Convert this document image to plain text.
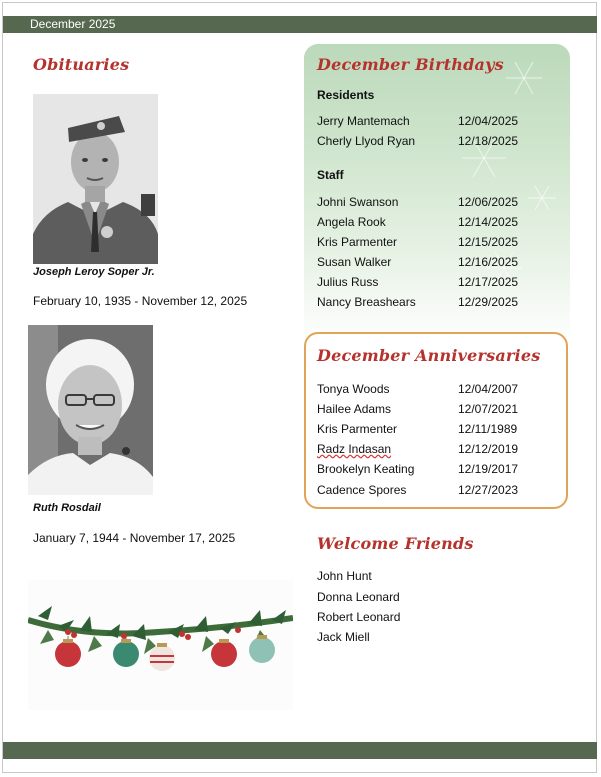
December 2025
Obituaries
Joseph Leroy Soper Jr.
February 10, 1935 - November 12, 2025
Ruth Rosdail
January 7, 1944 - November 17, 2025
December Birthdays
Residents
Jerry Mantemach	12/04/2025
Cherly Llyod Ryan	12/18/2025
Staff
Johni Swanson	12/06/2025
Angela Rook	12/14/2025
Kris Parmenter	12/15/2025
Susan Walker	12/16/2025
Julius Russ	12/17/2025
Nancy Breashears	12/29/2025
December Anniversaries
Tonya Woods	12/04/2007
Hailee Adams	12/07/2021
Kris Parmenter	12/11/1989
Radz Indasan	12/12/2019
Brookelyn Keating	12/19/2017
Cadence Spores	12/27/2023
Welcome Friends
John Hunt
Donna Leonard
Robert Leonard
Jack Miell
